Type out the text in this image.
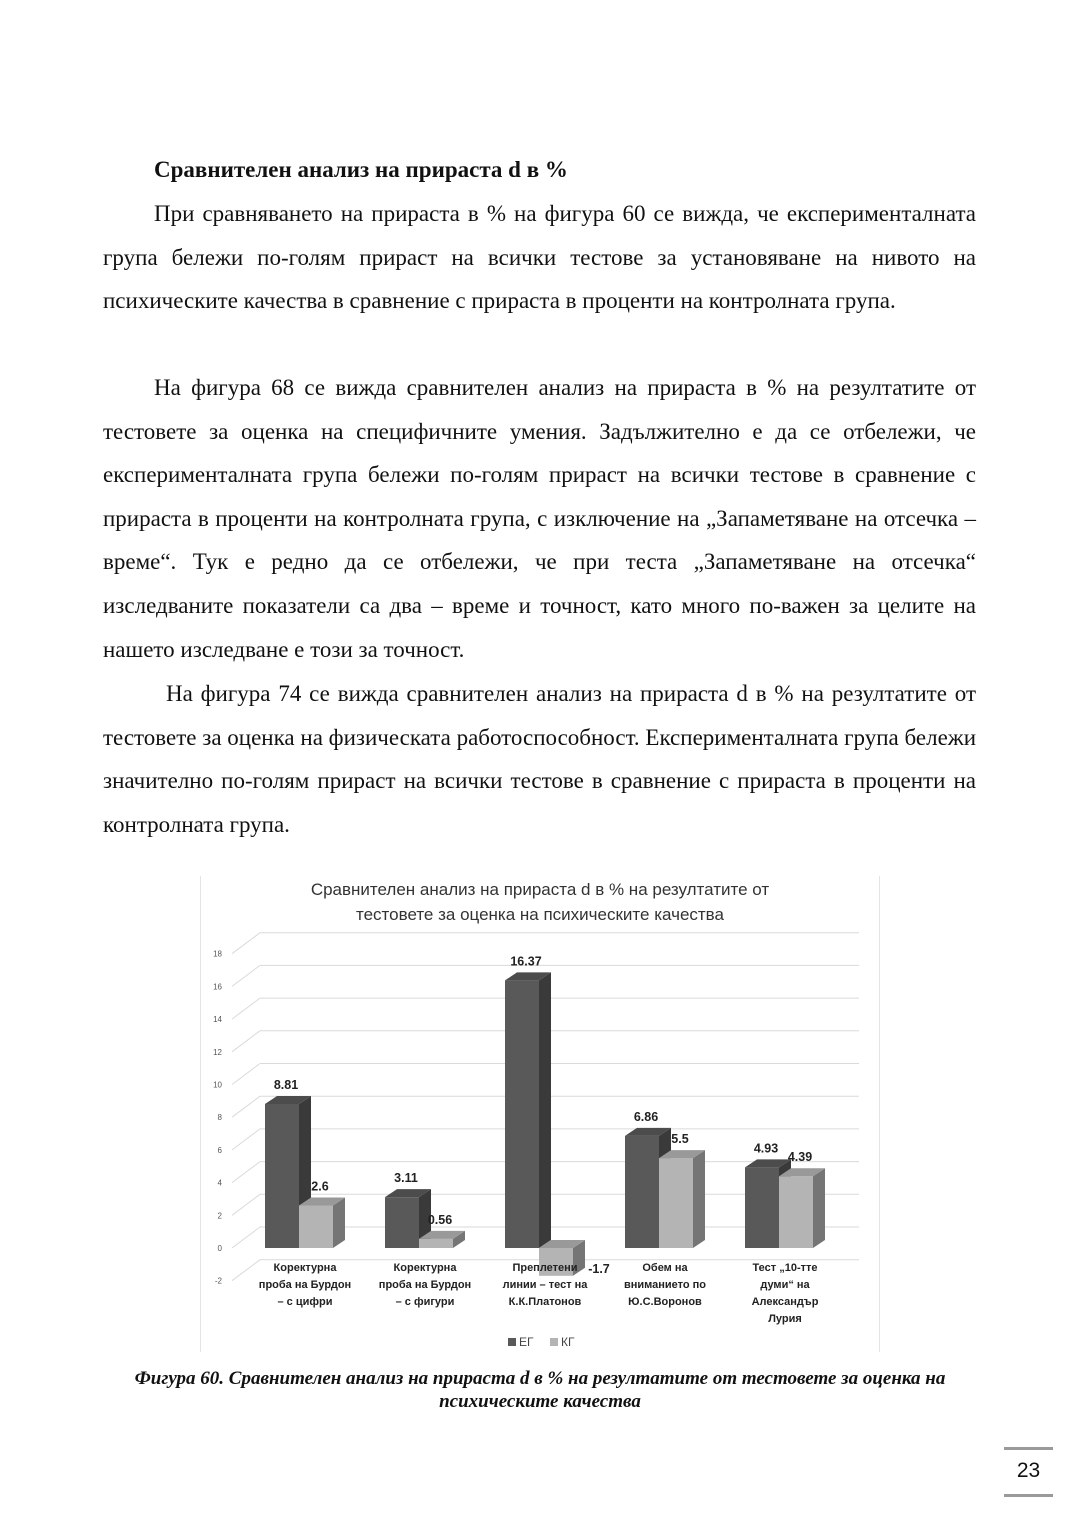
Сравнителен анализ на прираста d в %

При сравняването на прираста в % на фигура 60 се вижда, че експерименталната група бележи по-голям прираст на всички тестове за установяване на нивото на психическите качества в сравнение с прираста в проценти на контролната група.

На фигура 68 се вижда сравнителен анализ на прираста в % на резултатите от тестовете за оценка на специфичните умения. Задължително е да се отбележи, че експерименталната група бележи по-голям прираст на всички тестове в сравнение с прираста в проценти на контролната група, с изключение на „Запаметяване на отсечка – време“. Тук е редно да се отбележи, че при теста „Запаметяване на отсечка“ изследваните показатели са два – време и точност, като много по-важен за целите на нашето изследване е този за точност.

На фигура 74 се вижда сравнителен анализ на прираста d в % на резултатите от тестовете за оценка на физическата работоспособност. Експерименталната група бележи значително по-голям прираст на всички тестове в сравнение с прираста в проценти на контролната група.

Сравнителен анализ на прираста d в % на резултатите от
тестовете за оценка на психическите качества
-2
0
2
4
6
8
10
12
14
16
18
8.81
2.6
Коректурна
проба на Бурдон
– с цифри
3.11
0.56
Коректурна
проба на Бурдон
– с фигури
16.37
-1.7
Преплетени
линии – тест на
К.К.Платонов
6.86
5.5
Обем на
вниманието по
Ю.С.Воронов
4.93
4.39
Тест „10-тте
думи“ на
Александър
Лурия
ЕГ КГ
Фигура 60. Сравнителен анализ на прираста d в % на резултатите от тестовете за оценка на психическите качества
23
